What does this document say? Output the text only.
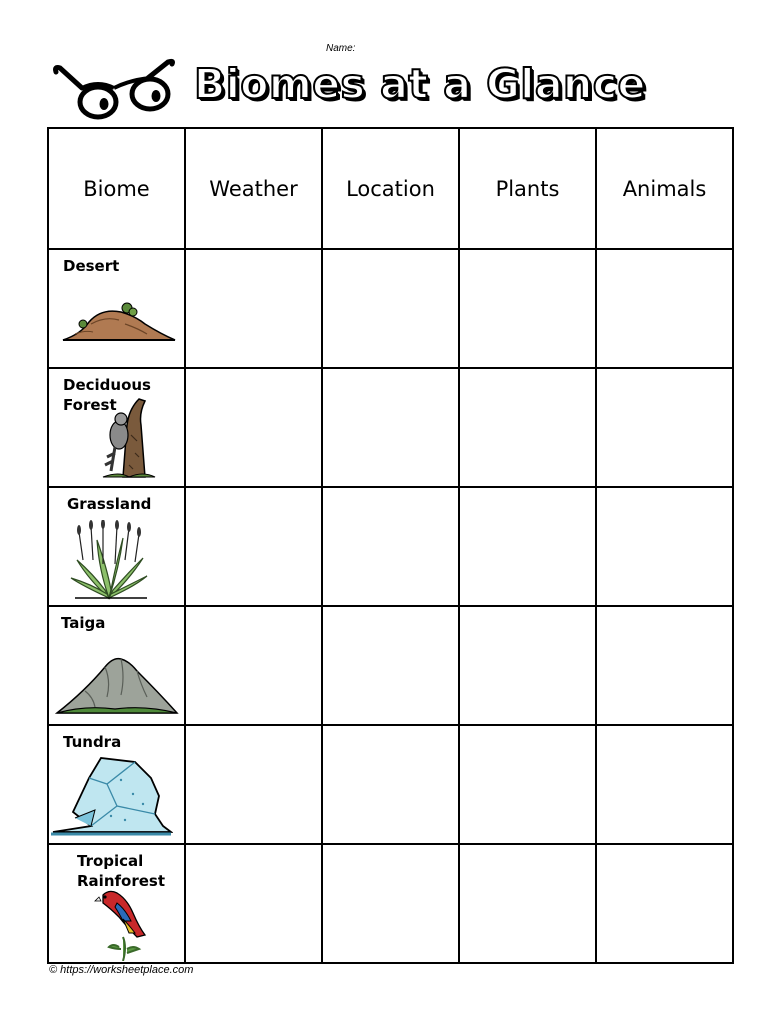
Name:
Biomes at a Glance
Biome	Weather	Location	Plants	Animals

Desert				

Deciduous Forest				

Grassland				

Taiga				

Tundra				

Tropical Rainforest				

© https://worksheetplace.com
